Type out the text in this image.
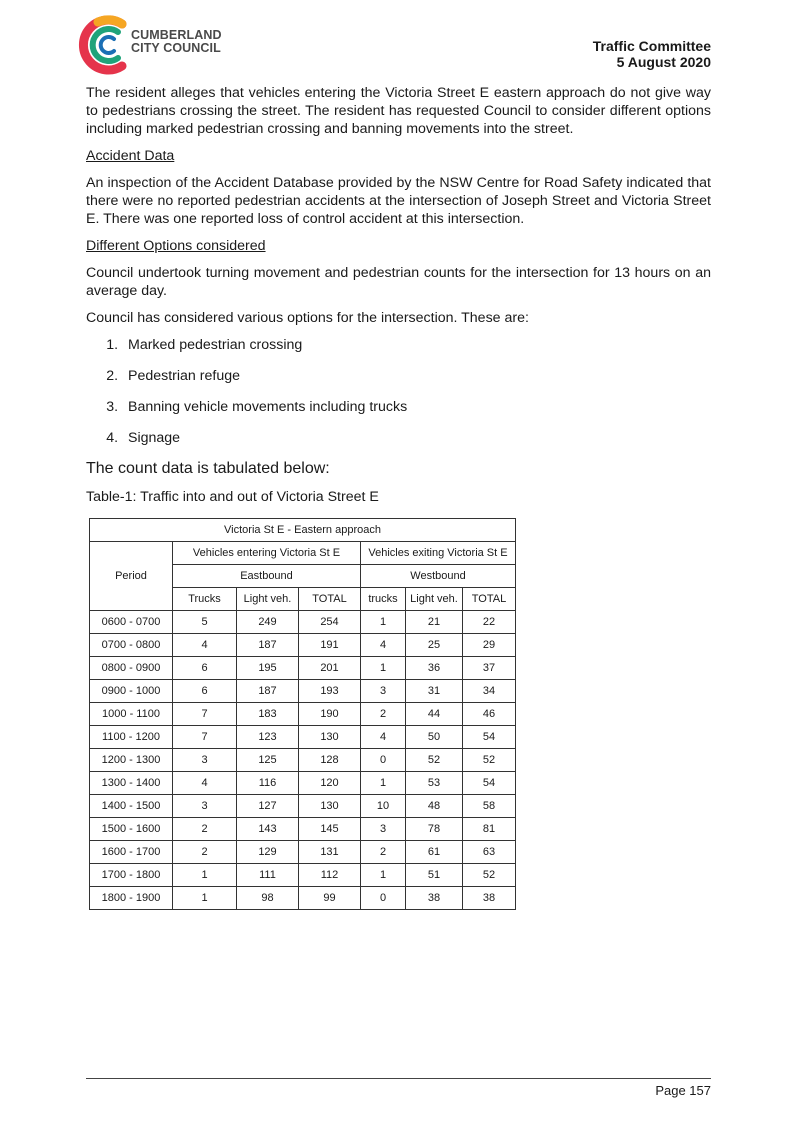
CUMBERLAND
CITY COUNCIL	Traffic Committee
5 August 2020

The resident alleges that vehicles entering the Victoria Street E eastern approach do not give way to pedestrians crossing the street. The resident has requested Council to consider different options including marked pedestrian crossing and banning movements into the street.

Accident Data

An inspection of the Accident Database provided by the NSW Centre for Road Safety indicated that there were no reported pedestrian accidents at the intersection of Joseph Street and Victoria Street E. There was one reported loss of control accident at this intersection.

Different Options considered

Council undertook turning movement and pedestrian counts for the intersection for 13 hours on an average day.

Council has considered various options for the intersection. These are:

1. Marked pedestrian crossing
2. Pedestrian refuge
3. Banning vehicle movements including trucks
4. Signage

The count data is tabulated below:

Table-1: Traffic into and out of Victoria Street E

Victoria St E - Eastern approach						
Period	Vehicles entering Victoria St E			Vehicles exiting Victoria St E		
	Eastbound			Westbound		
	Trucks	Light veh.	TOTAL	trucks	Light veh.	TOTAL
0600 - 0700	5	249	254	1	21	22
0700 - 0800	4	187	191	4	25	29
0800 - 0900	6	195	201	1	36	37
0900 - 1000	6	187	193	3	31	34
1000 - 1100	7	183	190	2	44	46
1100 - 1200	7	123	130	4	50	54
1200 - 1300	3	125	128	0	52	52
1300 - 1400	4	116	120	1	53	54
1400 - 1500	3	127	130	10	48	58
1500 - 1600	2	143	145	3	78	81
1600 - 1700	2	129	131	2	61	63
1700 - 1800	1	111	112	1	51	52
1800 - 1900	1	98	99	0	38	38
Page 157
